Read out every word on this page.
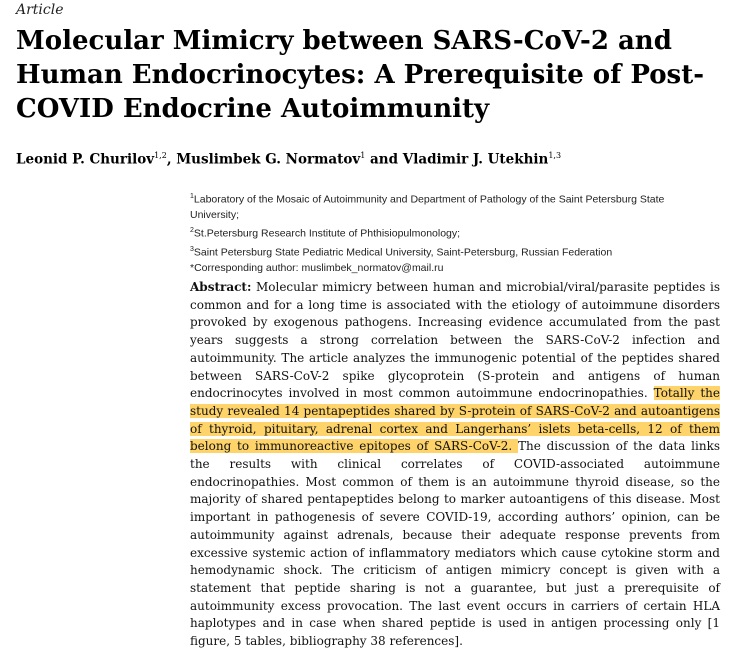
Article
Molecular Mimicry between SARS-CoV-2 and Human Endocrinocytes: A Prerequisite of Post-COVID Endocrine Autoimmunity

Leonid P. Churilov$^{1,2}$, Muslimbek G. Normatov$^1$ and Vladimir J. Utekhin$^{1,3}$

$^1$Laboratory of the Mosaic of Autoimmunity and Department of Pathology of the Saint Petersburg State University;

$^2$St.Petersburg Research Institute of Phthisiopulmonology;

$^3$Saint Petersburg State Pediatric Medical University, Saint-Petersburg, Russian Federation

*Corresponding author: muslimbek_normatov@mail.ru

Abstract: Molecular mimicry between human and microbial/viral/parasite peptides is common and for a long time is associated with the etiology of autoimmune disorders provoked by exogenous pathogens. Increasing evidence accumulated from the past years suggests a strong correlation between the SARS-CoV-2 infection and autoimmunity. The article analyzes the immunogenic potential of the peptides shared between SARS-CoV-2 spike glycoprotein (S-protein and antigens of human endocrinocytes involved in most common autoimmune endocrinopathies. Totally the study revealed 14 pentapeptides shared by S-protein of SARS-CoV-2 and autoantigens of thyroid, pituitary, adrenal cortex and Langerhans’ islets beta-cells, 12 of them belong to immunoreactive epitopes of SARS-CoV-2. The discussion of the data links the results with clinical correlates of COVID-associated autoimmune endocrinopathies. Most common of them is an autoimmune thyroid disease, so the majority of shared pentapeptides belong to marker autoantigens of this disease. Most important in pathogenesis of severe COVID-19, according authors’ opinion, can be autoimmunity against adrenals, because their adequate response prevents from excessive systemic action of inflammatory mediators which cause cytokine storm and hemodynamic shock. The criticism of antigen mimicry concept is given with a statement that peptide sharing is not a guarantee, but just a prerequisite of autoimmunity excess provocation. The last event occurs in carriers of certain HLA haplotypes and in case when shared peptide is used in antigen processing only [1 figure, 5 tables, bibliography 38 references].
